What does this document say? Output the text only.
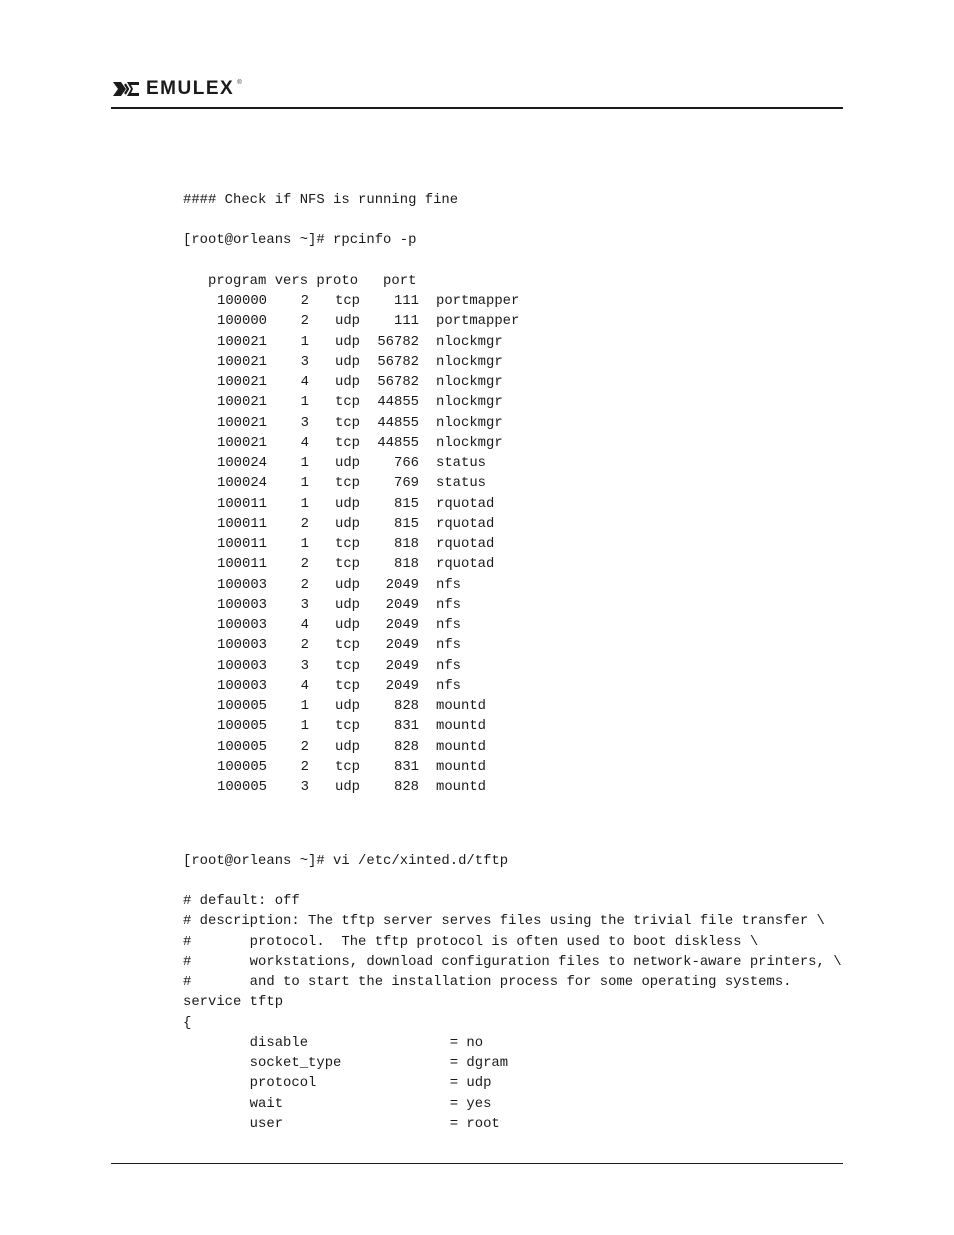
EMULEX ®
#### Check if NFS is running fine
[root@orleans ~]# rpcinfo -p
program vers proto   port
100000 2 tcp 111 portmapper
100000 2 udp 111 portmapper
100021 1 udp 56782 nlockmgr
100021 3 udp 56782 nlockmgr
100021 4 udp 56782 nlockmgr
100021 1 tcp 44855 nlockmgr
100021 3 tcp 44855 nlockmgr
100021 4 tcp 44855 nlockmgr
100024 1 udp 766 status
100024 1 tcp 769 status
100011 1 udp 815 rquotad
100011 2 udp 815 rquotad
100011 1 tcp 818 rquotad
100011 2 tcp 818 rquotad
100003 2 udp 2049 nfs
100003 3 udp 2049 nfs
100003 4 udp 2049 nfs
100003 2 tcp 2049 nfs
100003 3 tcp 2049 nfs
100003 4 tcp 2049 nfs
100005 1 udp 828 mountd
100005 1 tcp 831 mountd
100005 2 udp 828 mountd
100005 2 tcp 831 mountd
100005 3 udp 828 mountd
[root@orleans ~]# vi /etc/xinted.d/tftp
# default: off
# description: The tftp server serves files using the trivial file transfer \
#       protocol.  The tftp protocol is often used to boot diskless \
#       workstations, download configuration files to network-aware printers, \
#       and to start the installation process for some operating systems.
service tftp
{
disable                 = no
socket_type             = dgram
protocol                = udp
wait                    = yes
user                    = root
